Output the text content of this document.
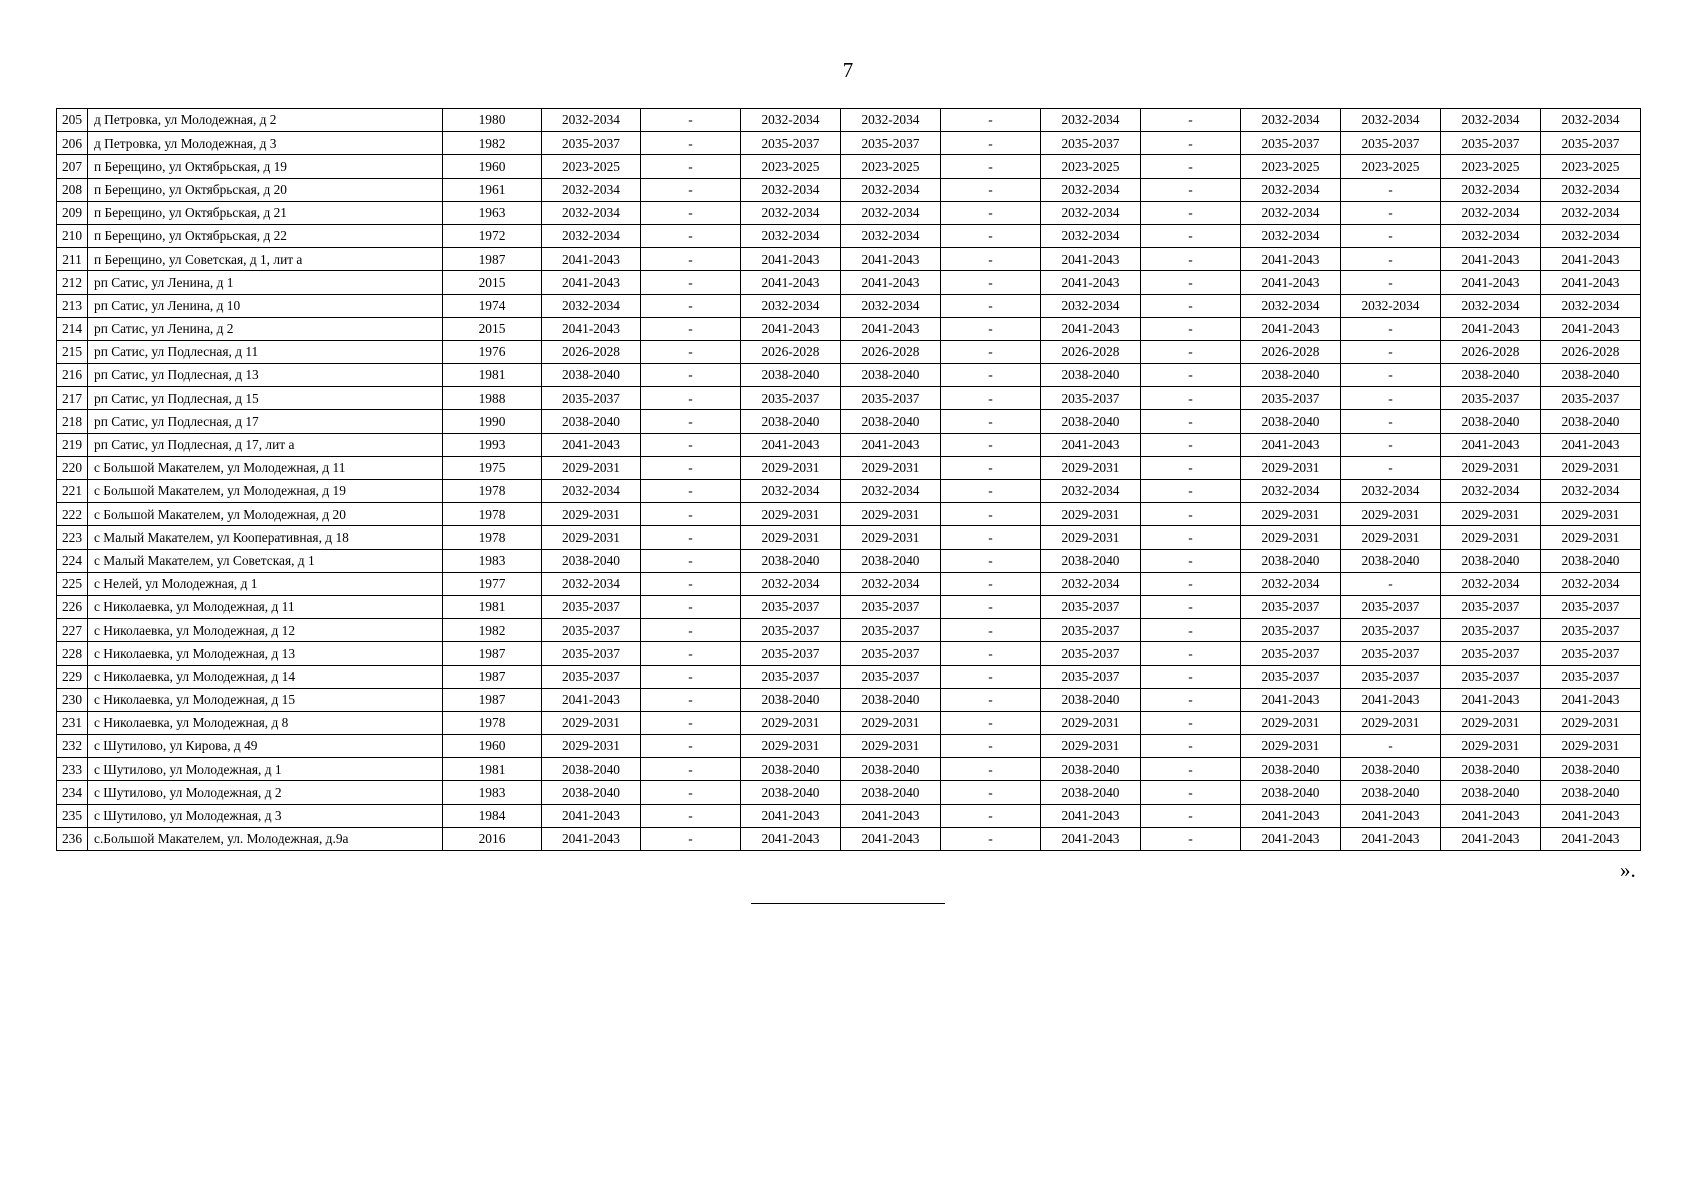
7
205	д Петровка, ул Молодежная, д 2	1980	2032-2034	-	2032-2034	2032-2034	-	2032-2034	-	2032-2034	2032-2034	2032-2034	2032-2034
206	д Петровка, ул Молодежная, д 3	1982	2035-2037	-	2035-2037	2035-2037	-	2035-2037	-	2035-2037	2035-2037	2035-2037	2035-2037
207	п Берещино, ул Октябрьская, д 19	1960	2023-2025	-	2023-2025	2023-2025	-	2023-2025	-	2023-2025	2023-2025	2023-2025	2023-2025
208	п Берещино, ул Октябрьская, д 20	1961	2032-2034	-	2032-2034	2032-2034	-	2032-2034	-	2032-2034	-	2032-2034	2032-2034
209	п Берещино, ул Октябрьская, д 21	1963	2032-2034	-	2032-2034	2032-2034	-	2032-2034	-	2032-2034	-	2032-2034	2032-2034
210	п Берещино, ул Октябрьская, д 22	1972	2032-2034	-	2032-2034	2032-2034	-	2032-2034	-	2032-2034	-	2032-2034	2032-2034
211	п Берещино, ул Советская, д 1, лит а	1987	2041-2043	-	2041-2043	2041-2043	-	2041-2043	-	2041-2043	-	2041-2043	2041-2043
212	рп Сатис, ул Ленина, д 1	2015	2041-2043	-	2041-2043	2041-2043	-	2041-2043	-	2041-2043	-	2041-2043	2041-2043
213	рп Сатис, ул Ленина, д 10	1974	2032-2034	-	2032-2034	2032-2034	-	2032-2034	-	2032-2034	2032-2034	2032-2034	2032-2034
214	рп Сатис, ул Ленина, д 2	2015	2041-2043	-	2041-2043	2041-2043	-	2041-2043	-	2041-2043	-	2041-2043	2041-2043
215	рп Сатис, ул Подлесная, д 11	1976	2026-2028	-	2026-2028	2026-2028	-	2026-2028	-	2026-2028	-	2026-2028	2026-2028
216	рп Сатис, ул Подлесная, д 13	1981	2038-2040	-	2038-2040	2038-2040	-	2038-2040	-	2038-2040	-	2038-2040	2038-2040
217	рп Сатис, ул Подлесная, д 15	1988	2035-2037	-	2035-2037	2035-2037	-	2035-2037	-	2035-2037	-	2035-2037	2035-2037
218	рп Сатис, ул Подлесная, д 17	1990	2038-2040	-	2038-2040	2038-2040	-	2038-2040	-	2038-2040	-	2038-2040	2038-2040
219	рп Сатис, ул Подлесная, д 17, лит а	1993	2041-2043	-	2041-2043	2041-2043	-	2041-2043	-	2041-2043	-	2041-2043	2041-2043
220	с Большой Макателем, ул Молодежная, д 11	1975	2029-2031	-	2029-2031	2029-2031	-	2029-2031	-	2029-2031	-	2029-2031	2029-2031
221	с Большой Макателем, ул Молодежная, д 19	1978	2032-2034	-	2032-2034	2032-2034	-	2032-2034	-	2032-2034	2032-2034	2032-2034	2032-2034
222	с Большой Макателем, ул Молодежная, д 20	1978	2029-2031	-	2029-2031	2029-2031	-	2029-2031	-	2029-2031	2029-2031	2029-2031	2029-2031
223	с Малый Макателем, ул Кооперативная, д 18	1978	2029-2031	-	2029-2031	2029-2031	-	2029-2031	-	2029-2031	2029-2031	2029-2031	2029-2031
224	с Малый Макателем, ул Советская, д 1	1983	2038-2040	-	2038-2040	2038-2040	-	2038-2040	-	2038-2040	2038-2040	2038-2040	2038-2040
225	с Нелей, ул Молодежная, д 1	1977	2032-2034	-	2032-2034	2032-2034	-	2032-2034	-	2032-2034	-	2032-2034	2032-2034
226	с Николаевка, ул Молодежная, д 11	1981	2035-2037	-	2035-2037	2035-2037	-	2035-2037	-	2035-2037	2035-2037	2035-2037	2035-2037
227	с Николаевка, ул Молодежная, д 12	1982	2035-2037	-	2035-2037	2035-2037	-	2035-2037	-	2035-2037	2035-2037	2035-2037	2035-2037
228	с Николаевка, ул Молодежная, д 13	1987	2035-2037	-	2035-2037	2035-2037	-	2035-2037	-	2035-2037	2035-2037	2035-2037	2035-2037
229	с Николаевка, ул Молодежная, д 14	1987	2035-2037	-	2035-2037	2035-2037	-	2035-2037	-	2035-2037	2035-2037	2035-2037	2035-2037
230	с Николаевка, ул Молодежная, д 15	1987	2041-2043	-	2038-2040	2038-2040	-	2038-2040	-	2041-2043	2041-2043	2041-2043	2041-2043
231	с Николаевка, ул Молодежная, д 8	1978	2029-2031	-	2029-2031	2029-2031	-	2029-2031	-	2029-2031	2029-2031	2029-2031	2029-2031
232	с Шутилово, ул Кирова, д 49	1960	2029-2031	-	2029-2031	2029-2031	-	2029-2031	-	2029-2031	-	2029-2031	2029-2031
233	с Шутилово, ул Молодежная, д 1	1981	2038-2040	-	2038-2040	2038-2040	-	2038-2040	-	2038-2040	2038-2040	2038-2040	2038-2040
234	с Шутилово, ул Молодежная, д 2	1983	2038-2040	-	2038-2040	2038-2040	-	2038-2040	-	2038-2040	2038-2040	2038-2040	2038-2040
235	с Шутилово, ул Молодежная, д 3	1984	2041-2043	-	2041-2043	2041-2043	-	2041-2043	-	2041-2043	2041-2043	2041-2043	2041-2043
236	с.Большой Макателем, ул. Молодежная, д.9а	2016	2041-2043	-	2041-2043	2041-2043	-	2041-2043	-	2041-2043	2041-2043	2041-2043	2041-2043
».
